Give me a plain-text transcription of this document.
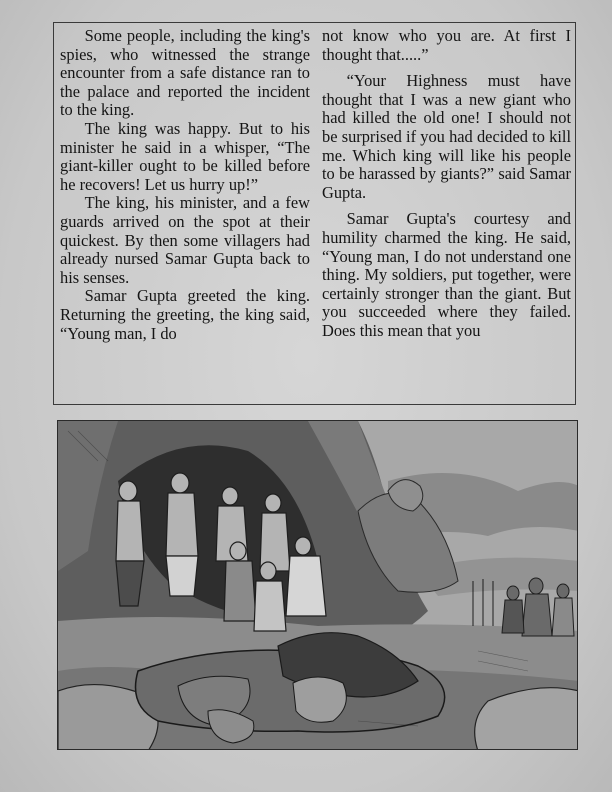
Some people, including the king's spies, who witnessed the strange encounter from a safe distance ran to the palace and reported the incident to the king.

The king was happy. But to his minister he said in a whisper, “The giant-killer ought to be killed before he recovers! Let us hurry up!”

The king, his minister, and a few guards arrived on the spot at their quickest. By then some villagers had already nursed Samar Gupta back to his senses.

Samar Gupta greeted the king. Returning the greeting, the king said, “Young man, I do

not know who you are. At first I thought that.....”

“Your Highness must have thought that I was a new giant who had killed the old one! I should not be surprised if you had decided to kill me. Which king will like his people to be harassed by giants?” said Samar Gupta.

Samar Gupta's courtesy and humility charmed the king. He said, “Young man, I do not understand one thing. My soldiers, put together, were certainly stronger than the giant. But you succeeded where they failed. Does this mean that you
